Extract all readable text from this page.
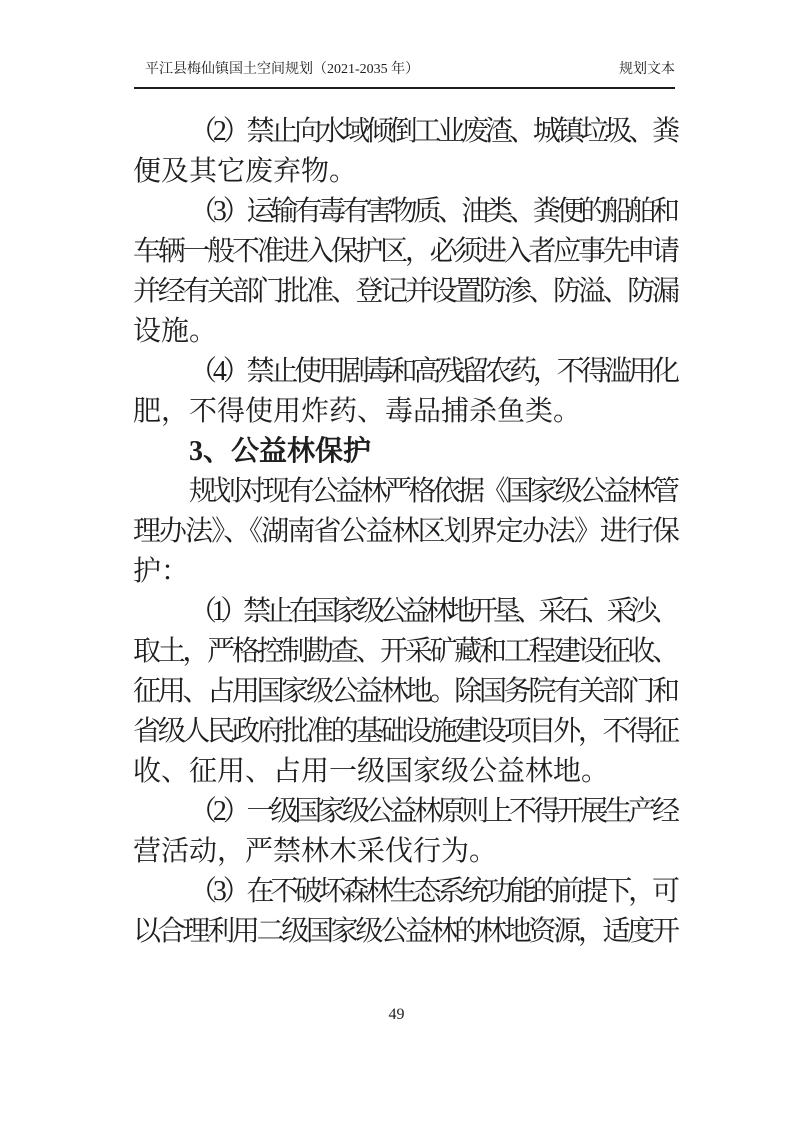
平江县梅仙镇国土空间规划（2021-2035 年）	规划文本
（2）禁止向水域倾倒工业废渣、城镇垃圾、粪
便及其它废弃物。
（3）运输有毒有害物质、油类、粪便的船舶和
车辆一般不准进入保护区，必须进入者应事先申请
并经有关部门批准、登记并设置防渗、防溢、防漏
设施。
（4）禁止使用剧毒和高残留农药，不得滥用化
肥，不得使用炸药、毒品捕杀鱼类。
3、公益林保护
规划对现有公益林严格依据《国家级公益林管
理办法》、《湖南省公益林区划界定办法》进行保
护：
（1）禁止在国家级公益林地开垦、采石、采沙、
取土，严格控制勘查、开采矿藏和工程建设征收、
征用、占用国家级公益林地。除国务院有关部门和
省级人民政府批准的基础设施建设项目外，不得征
收、征用、占用一级国家级公益林地。
（2）一级国家级公益林原则上不得开展生产经
营活动，严禁林木采伐行为。
（3）在不破坏森林生态系统功能的前提下，可
以合理利用二级国家级公益林的林地资源，适度开
49
